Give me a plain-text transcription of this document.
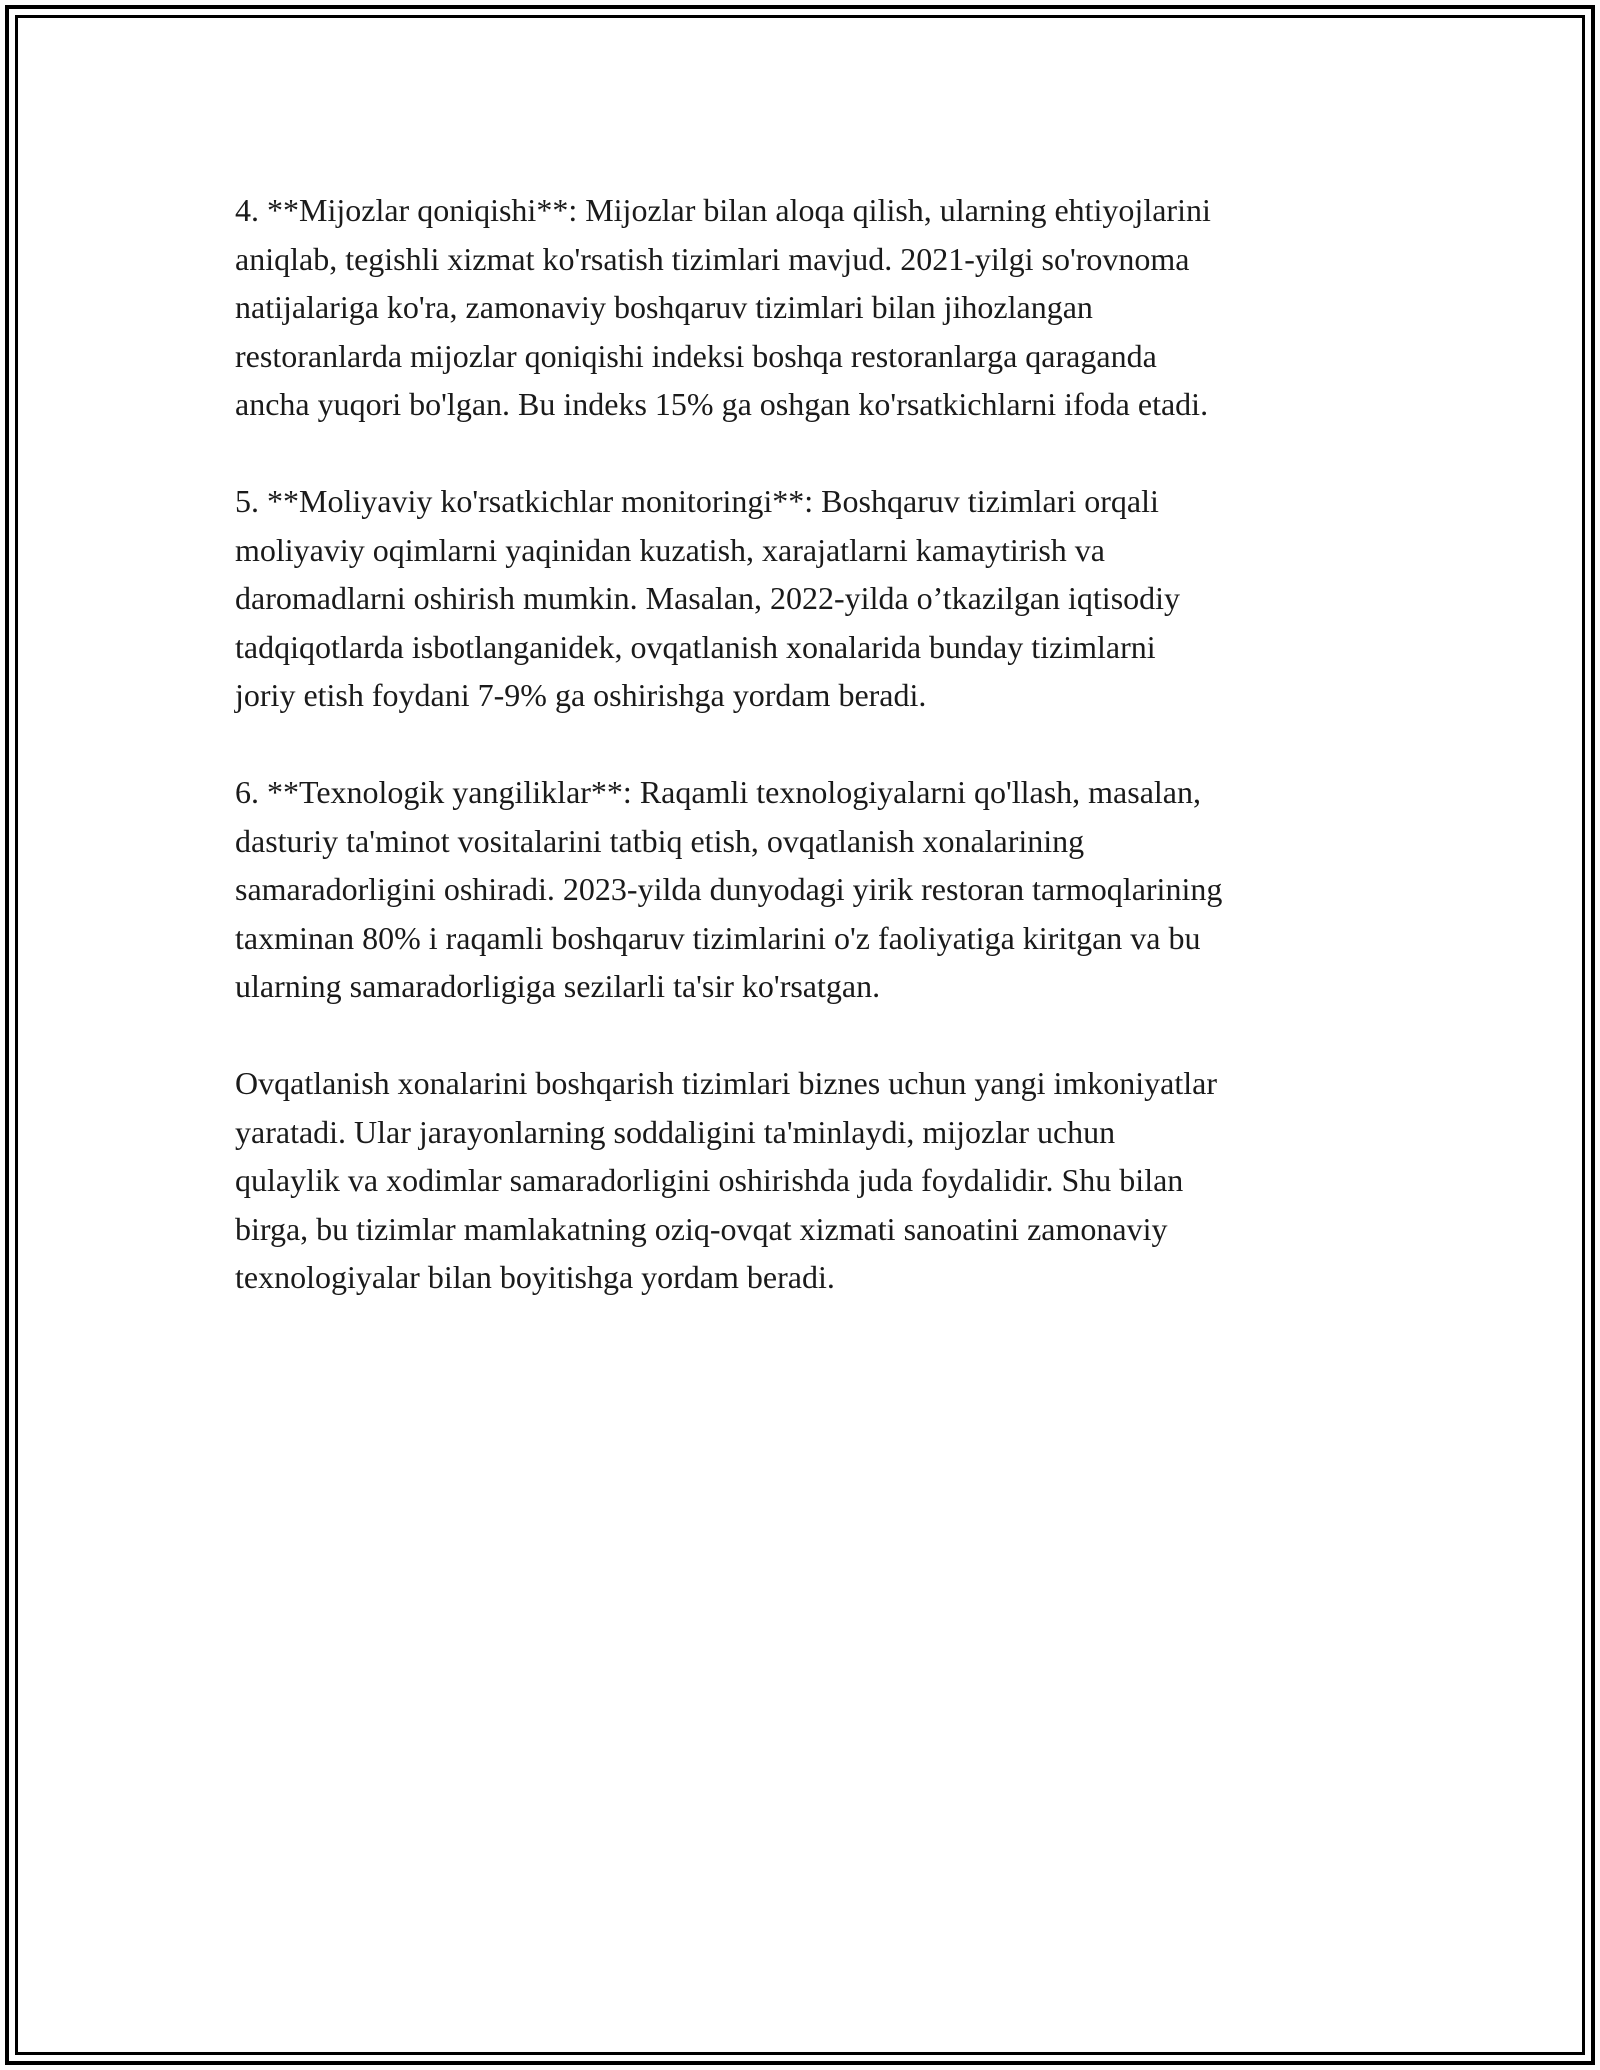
4. **Mijozlar qoniqishi**: Mijozlar bilan aloqa qilish, ularning ehtiyojlarini
aniqlab, tegishli xizmat ko'rsatish tizimlari mavjud. 2021-yilgi so'rovnoma
natijalariga ko'ra, zamonaviy boshqaruv tizimlari bilan jihozlangan
restoranlarda mijozlar qoniqishi indeksi boshqa restoranlarga qaraganda
ancha yuqori bo'lgan. Bu indeks 15% ga oshgan ko'rsatkichlarni ifoda etadi.

5. **Moliyaviy ko'rsatkichlar monitoringi**: Boshqaruv tizimlari orqali
moliyaviy oqimlarni yaqinidan kuzatish, xarajatlarni kamaytirish va
daromadlarni oshirish mumkin. Masalan, 2022-yilda o’tkazilgan iqtisodiy
tadqiqotlarda isbotlanganidek, ovqatlanish xonalarida bunday tizimlarni
joriy etish foydani 7-9% ga oshirishga yordam beradi.

6. **Texnologik yangiliklar**: Raqamli texnologiyalarni qo'llash, masalan,
dasturiy ta'minot vositalarini tatbiq etish, ovqatlanish xonalarining
samaradorligini oshiradi. 2023-yilda dunyodagi yirik restoran tarmoqlarining
taxminan 80% i raqamli boshqaruv tizimlarini o'z faoliyatiga kiritgan va bu
ularning samaradorligiga sezilarli ta'sir ko'rsatgan.

Ovqatlanish xonalarini boshqarish tizimlari biznes uchun yangi imkoniyatlar
yaratadi. Ular jarayonlarning soddaligini ta'minlaydi, mijozlar uchun
qulaylik va xodimlar samaradorligini oshirishda juda foydalidir. Shu bilan
birga, bu tizimlar mamlakatning oziq-ovqat xizmati sanoatini zamonaviy
texnologiyalar bilan boyitishga yordam beradi.
